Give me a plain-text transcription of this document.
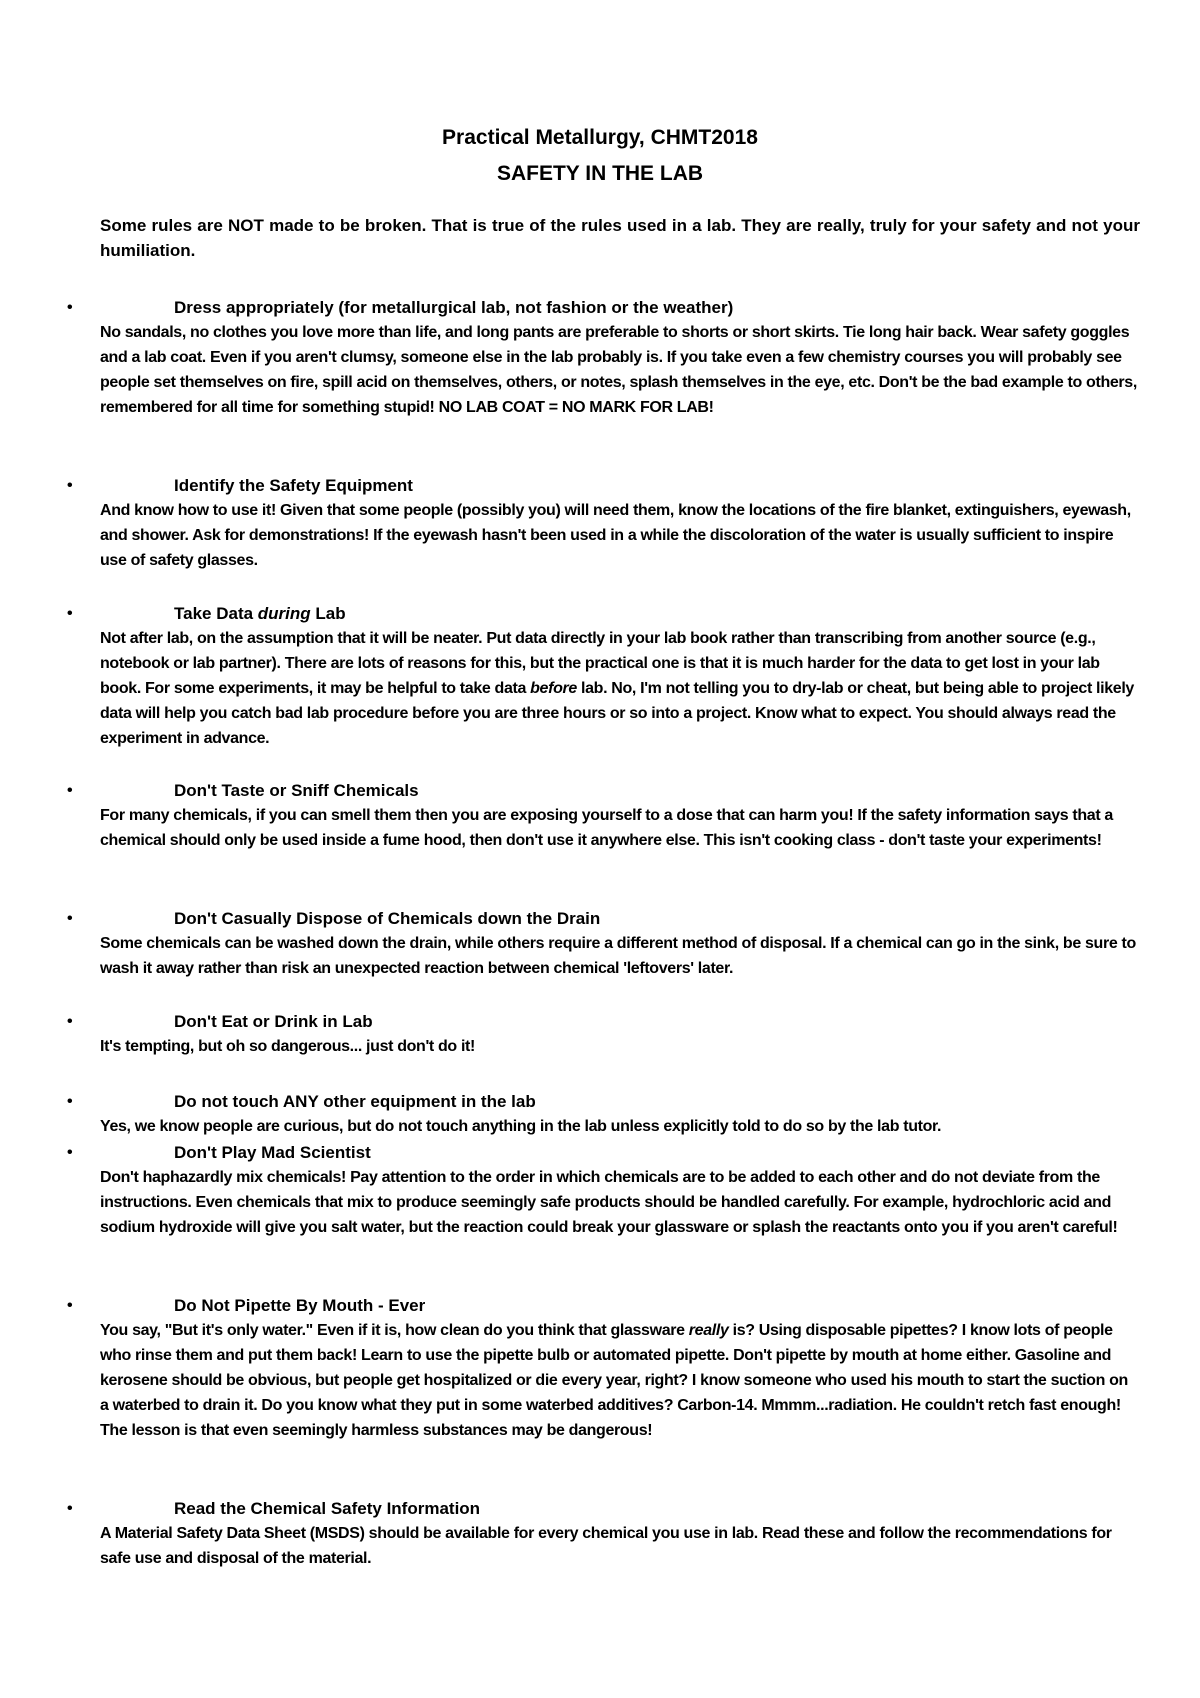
Practical Metallurgy, CHMT2018
SAFETY IN THE LAB

Some rules are NOT made to be broken. That is true of the rules used in a lab. They are really, truly for your safety and not your humiliation.

•	Dress appropriately (for metallurgical lab, not fashion or the weather)

No sandals, no clothes you love more than life, and long pants are preferable to shorts or short skirts. Tie long hair back. Wear safety goggles and a lab coat. Even if you aren't clumsy, someone else in the lab probably is. If you take even a few chemistry courses you will probably see people set themselves on fire, spill acid on themselves, others, or notes, splash themselves in the eye, etc. Don't be the bad example to others, remembered for all time for something stupid! NO LAB COAT = NO MARK FOR LAB!

•	Identify the Safety Equipment

And know how to use it! Given that some people (possibly you) will need them, know the locations of the fire blanket, extinguishers, eyewash, and shower. Ask for demonstrations! If the eyewash hasn't been used in a while the discoloration of the water is usually sufficient to inspire use of safety glasses.

•	Take Data during Lab

Not after lab, on the assumption that it will be neater. Put data directly in your lab book rather than transcribing from another source (e.g., notebook or lab partner). There are lots of reasons for this, but the practical one is that it is much harder for the data to get lost in your lab book. For some experiments, it may be helpful to take data before lab. No, I'm not telling you to dry-lab or cheat, but being able to project likely data will help you catch bad lab procedure before you are three hours or so into a project. Know what to expect. You should always read the experiment in advance.

•	Don't Taste or Sniff Chemicals

For many chemicals, if you can smell them then you are exposing yourself to a dose that can harm you! If the safety information says that a chemical should only be used inside a fume hood, then don't use it anywhere else. This isn't cooking class - don't taste your experiments!

•	Don't Casually Dispose of Chemicals down the Drain

Some chemicals can be washed down the drain, while others require a different method of disposal. If a chemical can go in the sink, be sure to wash it away rather than risk an unexpected reaction between chemical 'leftovers' later.

•	Don't Eat or Drink in Lab

It's tempting, but oh so dangerous... just don't do it!

•	Do not touch ANY other equipment in the lab

Yes, we know people are curious, but do not touch anything in the lab unless explicitly told to do so by the lab tutor.

•	Don't Play Mad Scientist

Don't haphazardly mix chemicals! Pay attention to the order in which chemicals are to be added to each other and do not deviate from the instructions. Even chemicals that mix to produce seemingly safe products should be handled carefully. For example, hydrochloric acid and sodium hydroxide will give you salt water, but the reaction could break your glassware or splash the reactants onto you if you aren't careful!

•	Do Not Pipette By Mouth - Ever

You say, "But it's only water." Even if it is, how clean do you think that glassware really is? Using disposable pipettes? I know lots of people who rinse them and put them back! Learn to use the pipette bulb or automated pipette. Don't pipette by mouth at home either. Gasoline and kerosene should be obvious, but people get hospitalized or die every year, right? I know someone who used his mouth to start the suction on a waterbed to drain it. Do you know what they put in some waterbed additives? Carbon-14. Mmmm...radiation. He couldn't retch fast enough! The lesson is that even seemingly harmless substances may be dangerous!

•	Read the Chemical Safety Information

A Material Safety Data Sheet (MSDS) should be available for every chemical you use in lab. Read these and follow the recommendations for safe use and disposal of the material.
